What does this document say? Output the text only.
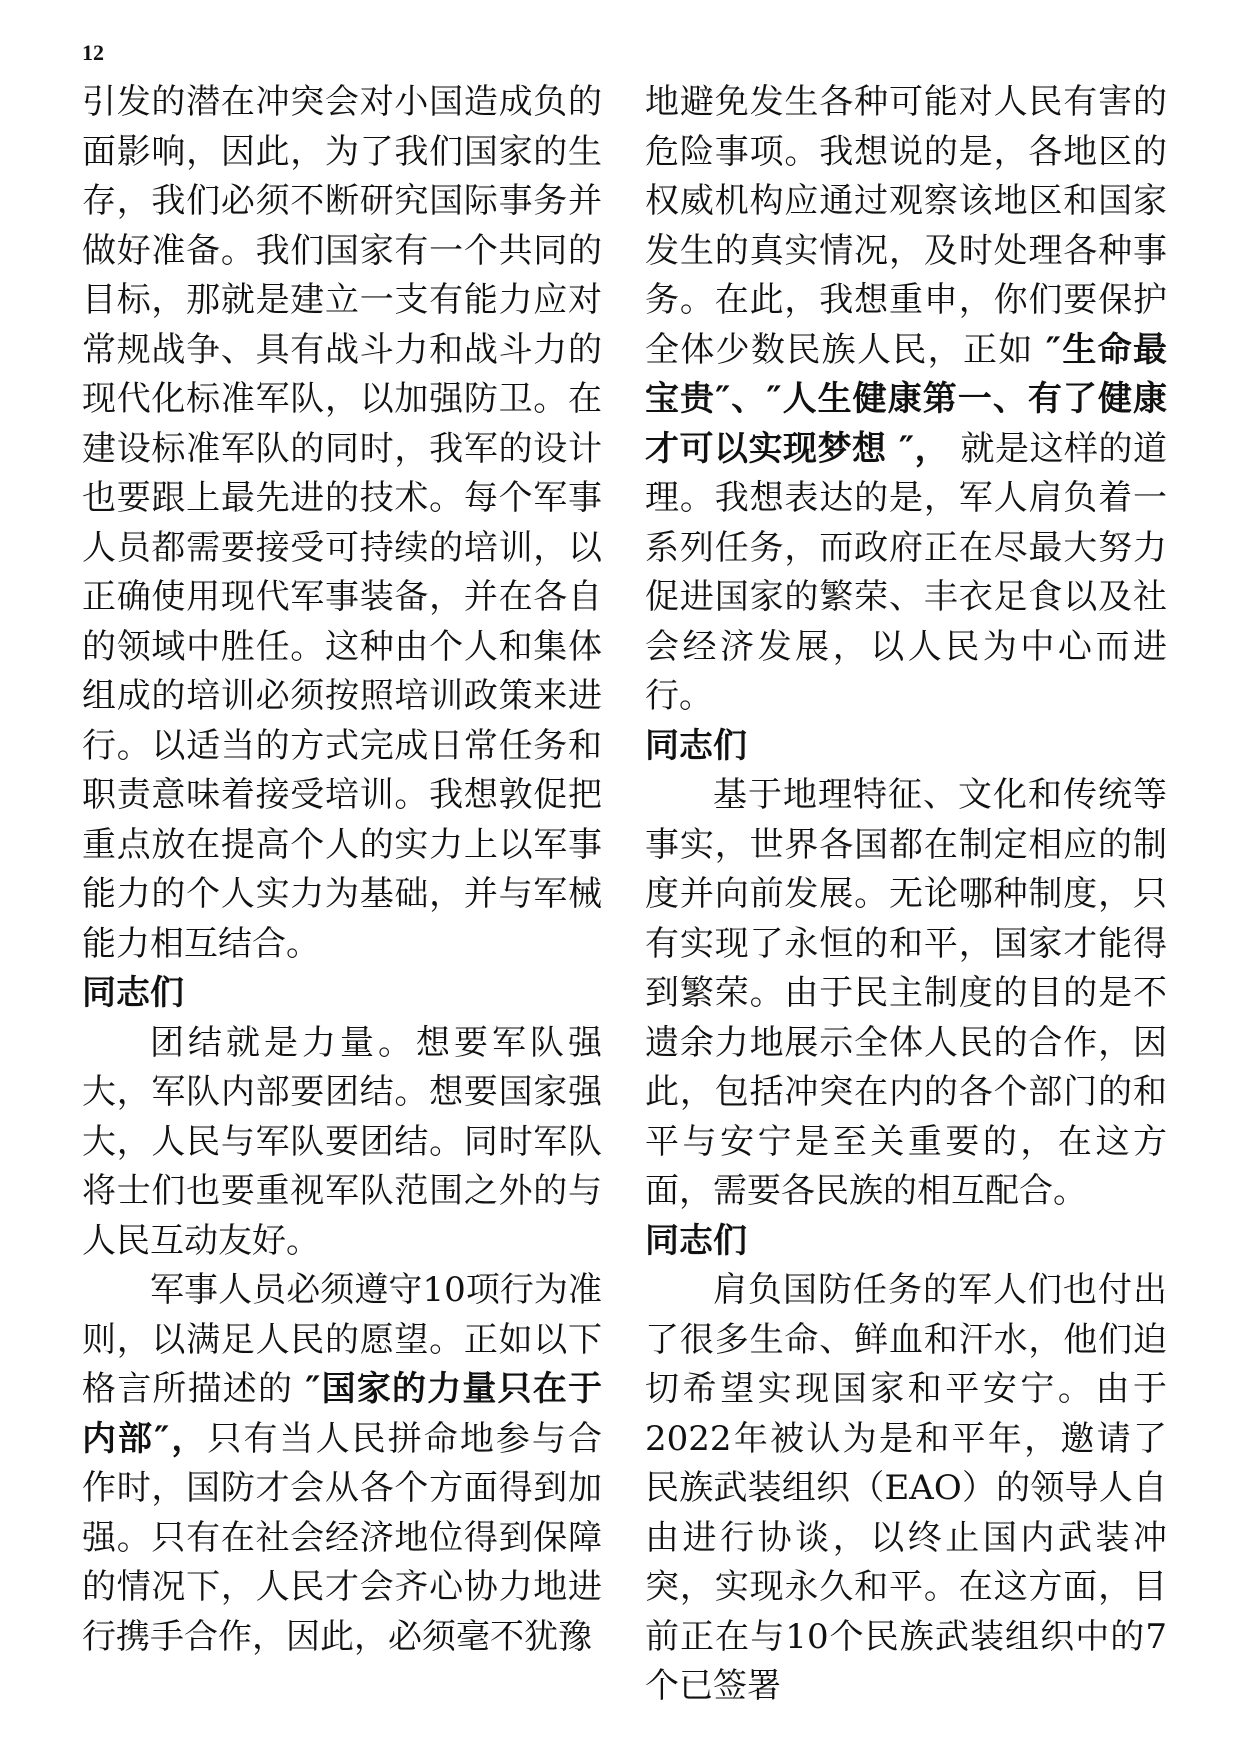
12

引发的潜在冲突会对小国造成负的面影响，因此，为了我们国家的生存，我们必须不断研究国际事务并做好准备。我们国家有一个共同的目标，那就是建立一支有能力应对常规战争、具有战斗力和战斗力的现代化标准军队，以加强防卫。在建设标准军队的同时，我军的设计也要跟上最先进的技术。每个军事人员都需要接受可持续的培训，以正确使用现代军事装备，并在各自的领域中胜任。这种由个人和集体组成的培训必须按照培训政策来进行。以适当的方式完成日常任务和职责意味着接受培训。我想敦促把重点放在提高个人的实力上以军事能力的个人实力为基础，并与军械能力相互结合。

同志们

团结就是力量。想要军队强大，军队内部要团结。想要国家强大，人民与军队要团结。同时军队将士们也要重视军队范围之外的与人民互动友好。

军事人员必须遵守10项行为准则，以满足人民的愿望。正如以下格言所描述的 ″国家的力量只在于内部″，只有当人民拼命地参与合作时，国防才会从各个方面得到加强。只有在社会经济地位得到保障的情况下，人民才会齐心协力地进行携手合作，因此，必须毫不犹豫

地避免发生各种可能对人民有害的危险事项。我想说的是，各地区的权威机构应通过观察该地区和国家发生的真实情况，及时处理各种事务。在此，我想重申，你们要保护全体少数民族人民，正如 ″生命最宝贵″、″人生健康第一、有了健康才可以实现梦想 ″， 就是这样的道理。我想表达的是，军人肩负着一系列任务，而政府正在尽最大努力促进国家的繁荣、丰衣足食以及社会经济发展，以人民为中心而进行。

同志们

基于地理特征、文化和传统等事实，世界各国都在制定相应的制度并向前发展。无论哪种制度，只有实现了永恒的和平，国家才能得到繁荣。由于民主制度的目的是不遗余力地展示全体人民的合作，因此，包括冲突在内的各个部门的和平与安宁是至关重要的，在这方面，需要各民族的相互配合。

同志们

肩负国防任务的军人们也付出了很多生命、鲜血和汗水，他们迫切希望实现国家和平安宁。由于2022年被认为是和平年，邀请了民族武装组织（EAO）的领导人自由进行协谈，以终止国内武装冲突，实现永久和平。在这方面，目前正在与10个民族武装组织中的7个已签署
